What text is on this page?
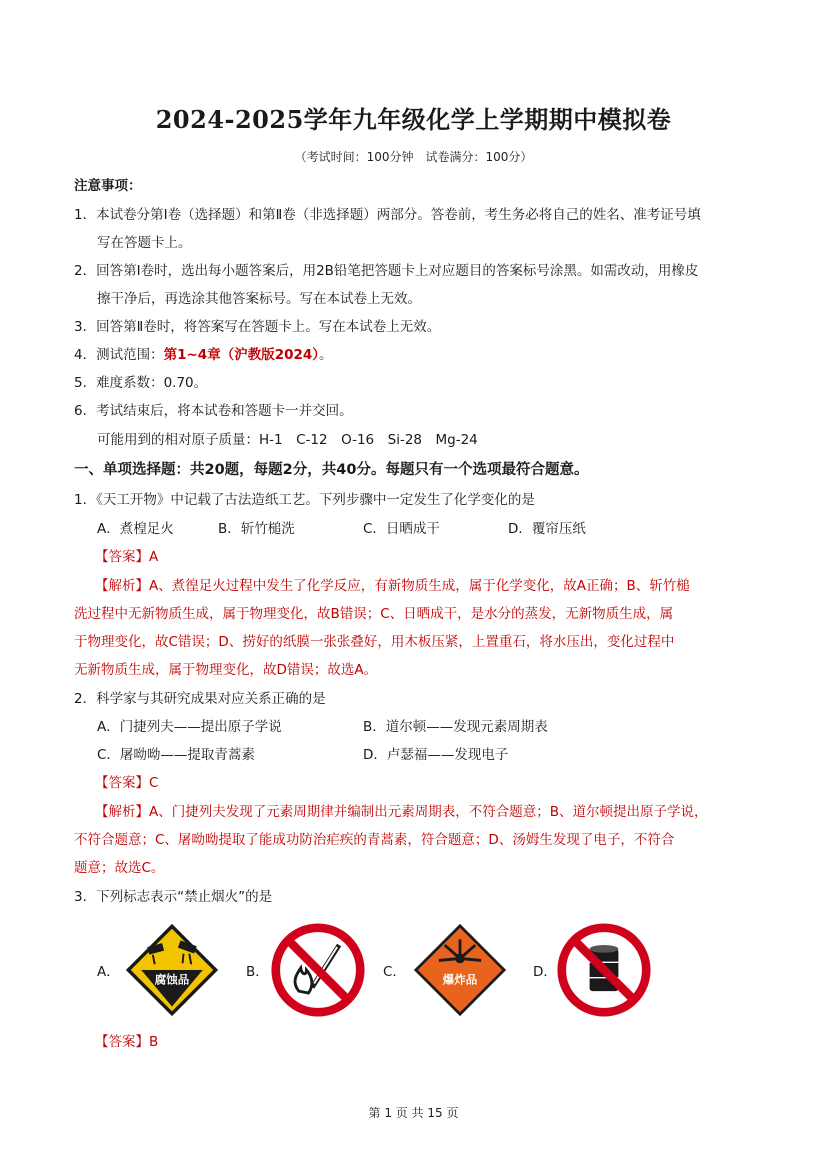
2024-2025学年九年级化学上学期期中模拟卷
（考试时间：100分钟　试卷满分：100分）
注意事项：
1．本试卷分第Ⅰ卷（选择题）和第Ⅱ卷（非选择题）两部分。答卷前，考生务必将自己的姓名、准考证号填
写在答题卡上。
2．回答第Ⅰ卷时，选出每小题答案后，用2B铅笔把答题卡上对应题目的答案标号涂黑。如需改动，用橡皮
擦干净后，再选涂其他答案标号。写在本试卷上无效。
3．回答第Ⅱ卷时，将答案写在答题卡上。写在本试卷上无效。
4．测试范围：第1~4章（沪教版2024）。
5．难度系数：0.70。
6．考试结束后，将本试卷和答题卡一并交回。
可能用到的相对原子质量：H-1　C-12　O-16　Si-28　Mg-24
一、单项选择题：共20题，每题2分，共40分。每题只有一个选项最符合题意。
1．《天工开物》中记载了古法造纸工艺。下列步骤中一定发生了化学变化的是
A．煮楻足火	B．斩竹槌洗	C．日晒成干	D．覆帘压纸
【答案】A
【解析】A、煮徨足火过程中发生了化学反应，有新物质生成，属于化学变化，故A正确；B、斩竹槌
洗过程中无新物质生成，属于物理变化，故B错误；C、日晒成干，是水分的蒸发，无新物质生成，属
于物理变化，故C错误；D、捞好的纸膜一张张叠好，用木板压紧，上置重石，将水压出，变化过程中
无新物质生成，属于物理变化，故D错误；故选A。
2．科学家与其研究成果对应关系正确的是
A．门捷列夫——提出原子学说	B．道尔顿——发现元素周期表
C．屠呦呦——提取青蒿素	D．卢瑟福——发现电子
【答案】C
【解析】A、门捷列夫发现了元素周期律并编制出元素周期表，不符合题意；B、道尔顿提出原子学说，
不符合题意；C、屠呦呦提取了能成功防治疟疾的青蒿素，符合题意；D、汤姆生发现了电子，不符合
题意；故选C。
3．下列标志表示“禁止烟火”的是
A．	腐蚀品	B．	C．	爆炸品	D．
【答案】B
第 1 页 共 15 页
